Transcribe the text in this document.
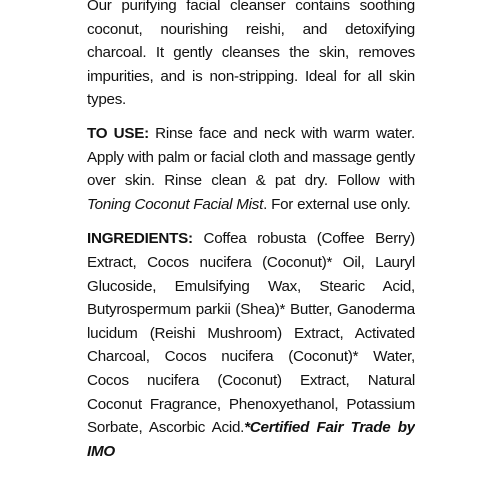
Our purifying facial cleanser contains soothing coconut, nourishing reishi, and detoxifying charcoal. It gently cleanses the skin, removes impurities, and is non-stripping. Ideal for all skin types.

TO USE: Rinse face and neck with warm water. Apply with palm or facial cloth and massage gently over skin. Rinse clean & pat dry. Follow with Toning Coconut Facial Mist. For external use only.

INGREDIENTS: Coffea robusta (Coffee Berry) Extract, Cocos nucifera (Coconut)* Oil, Lauryl Glucoside, Emulsifying Wax, Stearic Acid, Butyrospermum parkii (Shea)* Butter, Ganoderma lucidum (Reishi Mushroom) Extract, Activated Charcoal, Cocos nucifera (Coconut)* Water, Cocos nucifera (Coconut) Extract, Natural Coconut Fragrance, Phenoxyethanol, Potassium Sorbate, Ascorbic Acid.*Certified Fair Trade by IMO
